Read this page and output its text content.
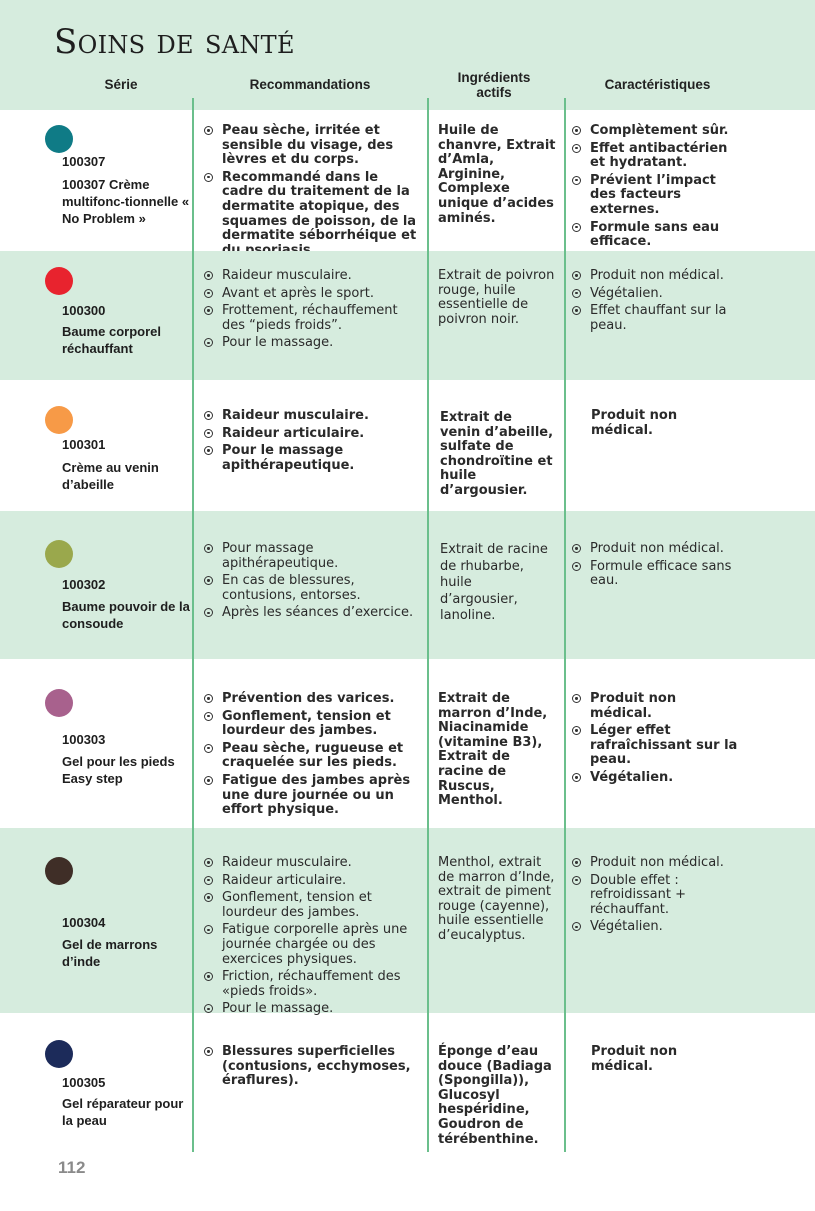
Soins de santé
Série	Recommandations	Ingrédients actifs
Caractéristiques
100307
100307 Crème multifonc-tionnelle « No Problem »
Peau sèche, irritée et sensible du visage, des lèvres et du corps.
Recommandé dans le cadre du traitement de la dermatite atopique, des squames de poisson, de la dermatite séborrhéique et
Huile de chanvre, Extrait d’Amla, Arginine, Complexe unique d’acides aminés.
Complètement sûr.
Effet antibactérien et hydratant.
Prévient l’impact des facteurs externes.
Formule sans eau efficace.
100300
Baume corporel réchauffant
Raideur musculaire.
Avant et après le sport.
Frottement, réchauffement des “pieds froids”.
Pour le massage.
Extrait de poivron rouge, huile essentielle de poivron noir.
Produit non médical.
Végétalien.
Effet chauffant sur la peau.
100301
Crème au venin d’abeille
Raideur musculaire.
Raideur articulaire.
Pour le massage apithérapeutique.
Extrait de venin d’abeille, sulfate de chondroïtine et huile d’argousier.
Produit non médical.
100302
Baume pouvoir de la consoude
Pour massage apithérapeutique.
En cas de blessures, contusions, entorses.
Après les séances d’exercice.
Extrait de racine de rhubarbe, huile d’argousier, lanoline.
Produit non médical.
Formule efficace sans eau.
100303
Gel pour les pieds Easy step
Prévention des varices.
Gonflement, tension et lourdeur des jambes.
Peau sèche, rugueuse et craquelée sur les pieds.
Fatigue des jambes après une dure journée ou un effort physique.
Extrait de marron d’Inde, Niacinamide (vitamine B3), Extrait de racine de Ruscus, Menthol.
Produit non médical.
Léger effet rafraîchissant sur la peau.
Végétalien.
100304
Gel de marrons d’inde
Raideur musculaire.
Raideur articulaire.
Gonflement, tension et lourdeur des jambes.
Fatigue corporelle après une journée chargée ou des exercices physiques.
Friction, réchauffement des «pieds froids».
Pour le massage.
Menthol, extrait de marron d’Inde, extrait de piment rouge (cayenne), huile essentielle d’eucalyptus.
Produit non médical.
Double effet : refroidissant + réchauffant.
Végétalien.
100305
Gel réparateur pour la peau
Blessures superficielles (contusions, ecchymoses, éraflures).
Éponge d’eau douce (Badiaga (Spongilla)), Glucosyl hespéridine, Goudron de térébenthine.
Produit non médical.
112
